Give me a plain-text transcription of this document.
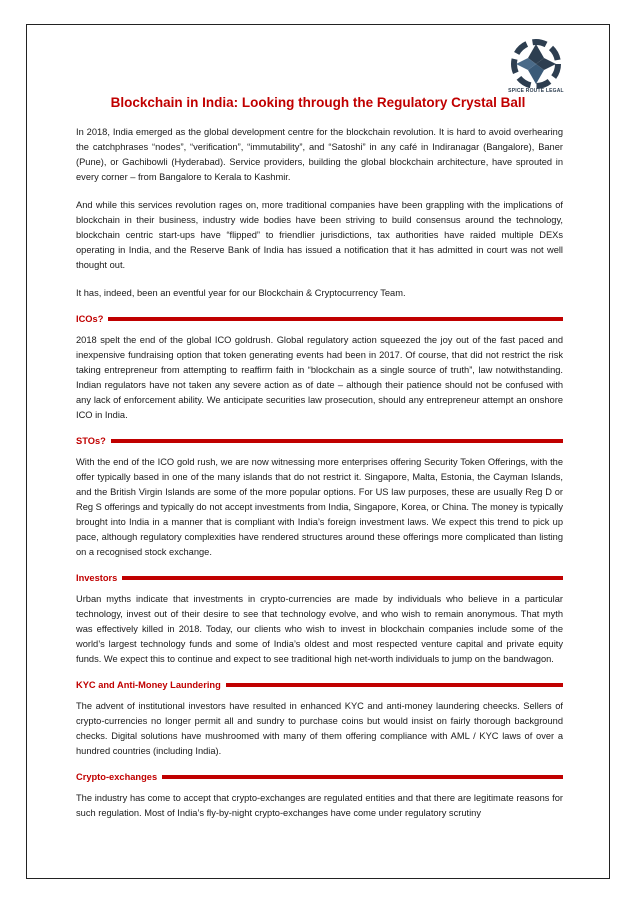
SPICE ROUTE LEGAL
Blockchain in India: Looking through the Regulatory Crystal Ball

In 2018, India emerged as the global development centre for the blockchain revolution. It is hard to avoid overhearing the catchphrases “nodes”, “verification”, “immutability”, and “Satoshi” in any café in Indiranagar (Bangalore), Baner (Pune), or Gachibowli (Hyderabad). Service providers, building the global blockchain architecture, have sprouted in every corner – from Bangalore to Kerala to Kashmir.

And while this services revolution rages on, more traditional companies have been grappling with the implications of blockchain in their business, industry wide bodies have been striving to build consensus around the technology, blockchain centric start-ups have “flipped” to friendlier jurisdictions, tax authorities have raided multiple DEXs operating in India, and the Reserve Bank of India has issued a notification that it has admitted in court was not well thought out.

It has, indeed, been an eventful year for our Blockchain & Cryptocurrency Team.

ICOs?

2018 spelt the end of the global ICO goldrush. Global regulatory action squeezed the joy out of the fast paced and inexpensive fundraising option that token generating events had been in 2017. Of course, that did not restrict the risk taking entrepreneur from attempting to reaffirm faith in “blockchain as a single source of truth”, law notwithstanding. Indian regulators have not taken any severe action as of date – although their patience should not be confused with any lack of enforcement ability. We anticipate securities law prosecution, should any entrepreneur attempt an onshore ICO in India.

STOs?

With the end of the ICO gold rush, we are now witnessing more enterprises offering Security Token Offerings, with the offer typically based in one of the many islands that do not restrict it. Singapore, Malta, Estonia, the Cayman Islands, and the British Virgin Islands are some of the more popular options. For US law purposes, these are usually Reg D or Reg S offerings and typically do not accept investments from India, Singapore, Korea, or China. The money is typically brought into India in a manner that is compliant with India’s foreign investment laws. We expect this trend to pick up pace, although regulatory complexities have rendered structures around these offerings more complicated than listing on a recognised stock exchange.

Investors

Urban myths indicate that investments in crypto-currencies are made by individuals who believe in a particular technology, invest out of their desire to see that technology evolve, and who wish to remain anonymous. That myth was effectively killed in 2018. Today, our clients who wish to invest in blockchain companies include some of the world’s largest technology funds and some of India’s oldest and most respected venture capital and private equity funds. We expect this to continue and expect to see traditional high net-worth individuals to jump on the bandwagon.

KYC and Anti-Money Laundering

The advent of institutional investors have resulted in enhanced KYC and anti-money laundering cheecks. Sellers of crypto-currencies no longer permit all and sundry to purchase coins but would insist on fairly thorough background checks. Digital solutions have mushroomed with many of them offering compliance with AML / KYC laws of over a hundred countries (including India).

Crypto-exchanges

The industry has come to accept that crypto-exchanges are regulated entities and that there are legitimate reasons for such regulation. Most of India’s fly-by-night crypto-exchanges have come under regulatory scrutiny
